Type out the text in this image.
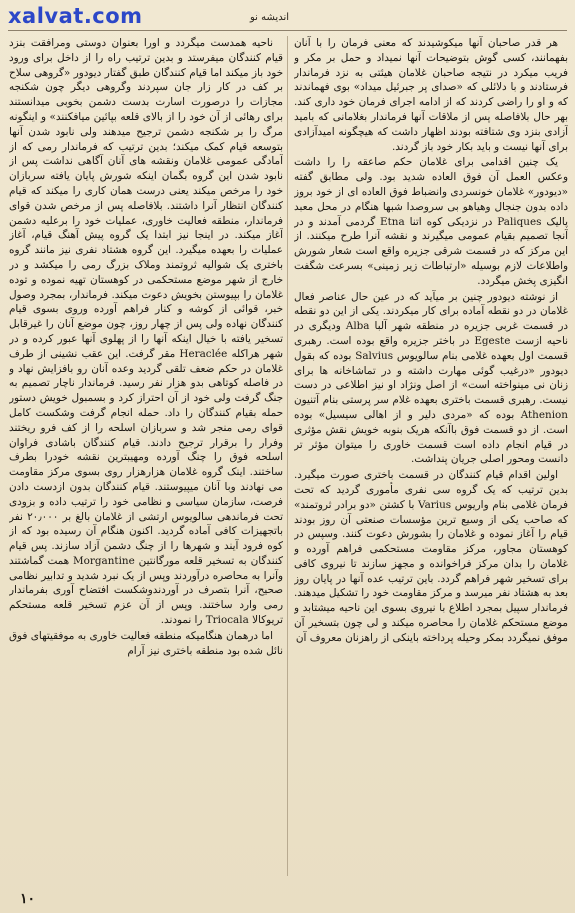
xalvat.com	اندیشه نو

هر قدر صاحبان آنها میکوشیدند که معنی فرمان را با آنان بفهمانند، کسی گوش بتوضیحات آنها نمیداد و حمل بر مکر و فریب میکرد در نتیجه صاحبان غلامان هیئتی به نزد فرماندار فرستادند و با دلائلی که «صدای پر جبرئیل میداد» بوی فهماندند که و او را راضی کردند که از ادامه اجرای فرمان خود داری کند. بهر حال بلافاصله پس از ملاقات آنها فرماندار بغلامانی که بامید آزادی بنزد وی شتافته بودند اظهار داشت که هیچگونه امیدآزادی برای آنها نیست و باید بکار خود باز گردند.

یک چنین اقدامی برای غلامان حکم صاعقه را را داشت وعکس العمل آن فوق العاده شدید بود. ولی مطابق گفته «دیودور» غلامان خونسردی وانضباط فوق العاده ای از خود بروز داده بدون جنجال وهیاهو بی سروصدا شبها هنگام در محل معبد پالیک Paliques در نزدیکی کوه اتنا Etna گردمی آمدند و در آنجا تصمیم بقیام عمومی میگیرند و نقشه آنرا طرح میکنند. از این مرکز که در قسمت شرقی جزیره واقع است شعار شورش واطلاعات لازم بوسیله «ارتباطات زیر زمینی» بسرعت شگفت انگیزی پخش میگردد.

از نوشته دیودور چنین بر میآید که در عین حال عناصر فعال غلامان در دو نقطه آماده برای کار میکردند. یکی از این دو نقطه در قسمت غربی جزیره در منطقه شهر آلبا Alba ودیگری در ناحیه ازست Egeste در باختر جزیره واقع بوده است. رهبری قسمت اول بعهده غلامی بنام سالویوس Salvius بوده که بقول دیودور «درغیب گوئی مهارت داشته و در تماشاخانه ها برای زنان نی مینواخته است» از اصل ونژاد او نیز اطلاعی در دست نیست. رهبری قسمت باختری بعهده غلام سر پرستی بنام آتنیون Athenion بوده که «مردی دلیر و از اهالی سیسیل» بوده است. از دو قسمت فوق باآنکه هریک بنوبه خویش نقش مؤثری در قیام انجام داده است قسمت خاوری را میتوان مؤثر تر دانست ومحور اصلی جریان پنداشت.

اولین اقدام قیام کنندگان در قسمت باختری صورت میگیرد. بدین ترتیب که یک گروه سی نفری مأموری گردید که تحت فرمان غلامی بنام واریوس Varius با کشتن «دو برادر ثروتمند» که صاحب یکی از وسیع ترین مؤسسات صنعتی آن روز بودند قیام را آغاز نموده و غلامان را بشورش دعوت کنند. وسپس در کوهستان مجاور، مرکز مقاومت مستحکمی فراهم آورده و غلامان را بدان مرکز فراخوانده و مجهز سازند تا نیروی کافی برای تسخیر شهر فراهم گردد. باین ترتیب عده آنها در پایان روز بعد به هشتاد نفر میرسد و مرکز مقاومت خود را تشکیل میدهند. فرماندار سپیل بمجرد اطلاع با نیروی بسوی این ناحیه میشتابد و موضع مستحکم غلامان را محاصره میکند و لی چون بتسخیر آن موفق نمیگردد بمکر وحیله پرداخته باینکی از راهزنان معروف آن

ناحیه همدست میگردد و اورا بعنوان دوستی ومرافقت بنزد قیام کنندگان میفرستد و بدین ترتیب راه را از داخل برای ورود خود باز میکند اما قیام کنندگان طبق گفتار دیودور «گروهی سلاح بر کف در کار زار جان سپردند وگروهی دیگر چون شکنجه مجازات را درصورت اسارت بدست دشمن بخوبی میدانستند برای رهائی از آن خود را از بالای قلعه بپائین میافکنند» و اینگونه مرگ را بر شکنجه دشمن ترجیح میدهند ولی نابود شدن آنها بتوسعه قیام کمک میکند؛ بدین ترتیب که فرماندار رمی که از آمادگی عمومی غلامان ونقشه های آنان آگاهی نداشت پس از نابود شدن این گروه بگمان اینکه شورش پایان یافته سربازان خود را مرخص میکند یعنی درست همان کاری را میکند که قیام کنندگان انتظار آنرا داشتند. بلافاصله پس از مرخص شدن قوای فرماندار، منطقه فعالیت خاوری، عملیات خود را برعلیه دشمن آغاز میکند. در اینجا نیز ابتدا یک گروه پیش آهنگ قیام، آغاز عملیات را بعهده میگیرد. این گروه هشتاد نفری نیز مانند گروه باختری یک شوالیه ثروتمند وملاک بزرگ رمی را میکشد و در خارج از شهر موضع مستحکمی در کوهستان تهیه نموده و توده غلامان را بپیوستن بخویش دعوت میکند. فرماندار، بمجرد وصول خبر، قوائی از کوشه و کنار فراهم آورده وروی بسوی قیام کنندگان نهاده ولی پس از چهار روز، چون موضع آنان را غیرقابل تسخیر یافته با خیال اینکه آنها را از پهلوی آنها عبور کرده و در شهر هراکله Heraclée مقر گرفت. این عقب نشینی از طرف غلامان در حکم ضعف تلقی گردید وعده آنان رو بافزایش نهاد و در فاصله کوتاهی بدو هزار نفر رسید. فرماندار ناچار تصمیم به جنگ گرفت ولی خود از آن احتراز کرد و بسمبول خویش دستور حمله بقیام کنندگان را داد. حمله انجام گرفت وشکست کامل قوای رمی منجر شد و سربازان اسلحه را از کف فرو ریختند وفرار را برقرار ترجیح دادند. قیام کنندگان باشادی فراوان اسلحه فوق را چنگ آورده ومهیبترین نقشه خودرا بطرف ساختند. اینک گروه غلامان هزارهزار روی بسوی مرکز مقاومت می نهادند وبا آنان میپیوستند. قیام کنندگان بدون ازدست دادن فرصت، سازمان سیاسی و نظامی خود را ترتیب داده و بزودی تحت فرماندهی سالویوس ارتشی از غلامان بالغ بر ۲۰٫۰۰۰ نفر باتجهیزات کافی آماده گردید. اکنون هنگام آن رسیده بود که از کوه فرود آیند و شهرها را از چنگ دشمن آزاد سازند. پس قیام کنندگان به تسخیر قلعه مورگانتین Morgantine همت گماشتند وآنرا به محاصره درآوردند وپس از یک نبرد شدید و تدابیر نظامی صحیح، آنرا بتصرف در آوردندوشکست افتضاح آوری بفرماندار رمی وارد ساختند. وپس از آن عزم تسخیر قلعه مستحکم تریوکالا Triocala را نمودند.

اما درهمان هنگامیکه منطقه فعالیت خاوری به موفقیتهای فوق نائل شده بود منطقه باختری نیز آرام

۱۰
